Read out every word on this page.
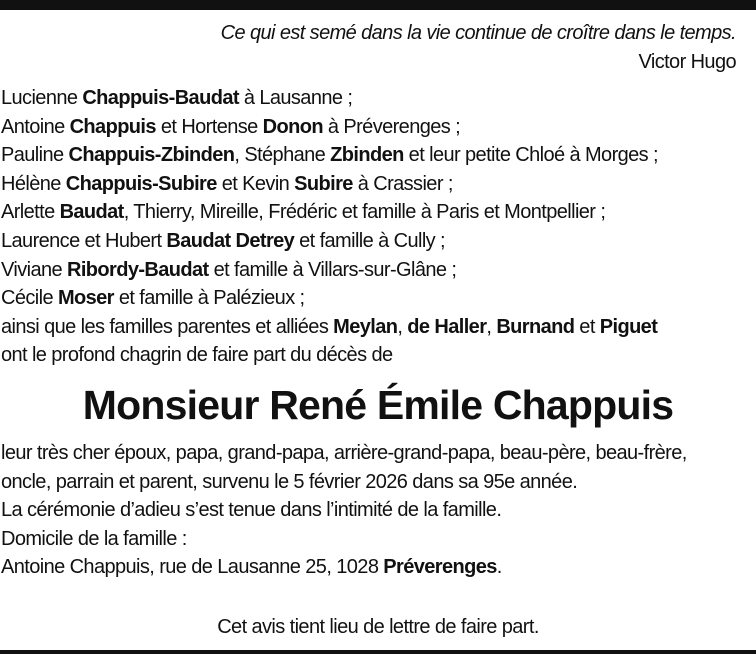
Ce qui est semé dans la vie continue de croître dans le temps.
Victor Hugo
Lucienne Chappuis-Baudat à Lausanne ;
Antoine Chappuis et Hortense Donon à Préverenges ;
Pauline Chappuis-Zbinden, Stéphane Zbinden et leur petite Chloé à Morges ;
Hélène Chappuis-Subire et Kevin Subire à Crassier ;
Arlette Baudat, Thierry, Mireille, Frédéric et famille à Paris et Montpellier ;
Laurence et Hubert Baudat Detrey et famille à Cully ;
Viviane Ribordy-Baudat et famille à Villars-sur-Glâne ;
Cécile Moser et famille à Palézieux ;
ainsi que les familles parentes et alliées Meylan, de Haller, Burnand et Piguet
ont le profond chagrin de faire part du décès de
Monsieur René Émile Chappuis
leur très cher époux, papa, grand-papa, arrière-grand-papa, beau-père, beau-frère,
oncle, parrain et parent, survenu le 5 février 2026 dans sa 95e année.
La cérémonie d’adieu s’est tenue dans l’intimité de la famille.
Domicile de la famille :
Antoine Chappuis, rue de Lausanne 25, 1028 Préverenges.
Cet avis tient lieu de lettre de faire part.
